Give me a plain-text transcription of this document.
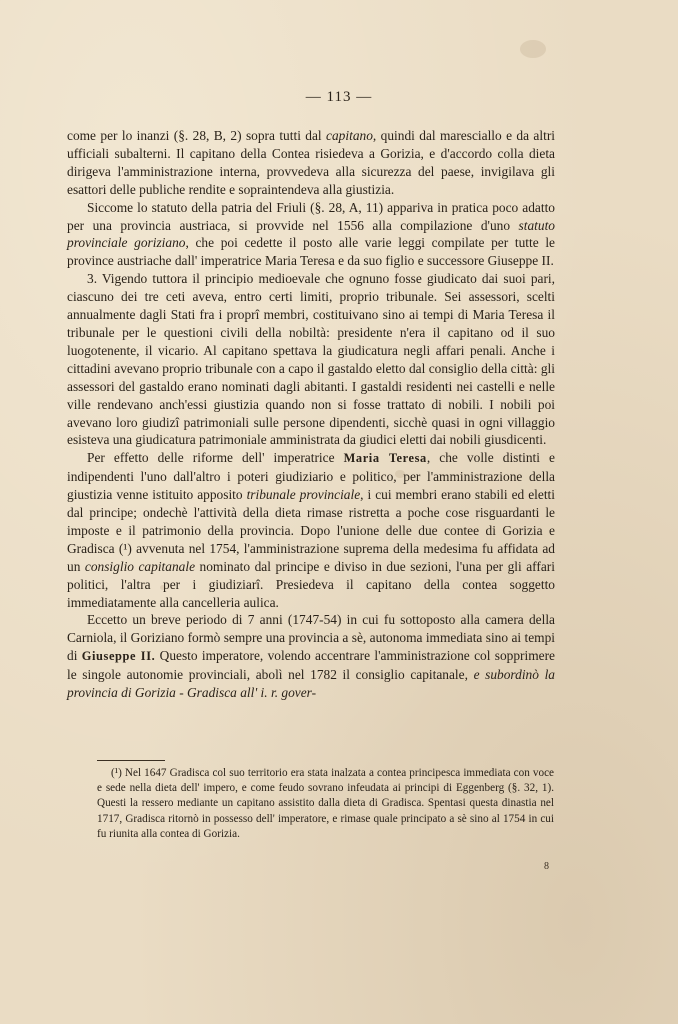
— 113 —

come per lo inanzi (§. 28, B, 2) sopra tutti dal capitano, quindi dal maresciallo e da altri ufficiali subalterni. Il capitano della Contea risiedeva a Gorizia, e d'accordo colla dieta dirigeva l'amministrazione interna, provvedeva alla sicurezza del paese, invigilava gli esattori delle publiche rendite e sopraintendeva alla giustizia.

Siccome lo statuto della patria del Friuli (§. 28, A, 11) appariva in pratica poco adatto per una provincia austriaca, si provvide nel 1556 alla compilazione d'uno statuto provinciale goriziano, che poi cedette il posto alle varie leggi compilate per tutte le province austriache dall' imperatrice Maria Teresa e da suo figlio e successore Giuseppe II.

3. Vigendo tuttora il principio medioevale che ognuno fosse giudicato dai suoi pari, ciascuno dei tre ceti aveva, entro certi limiti, proprio tribunale. Sei assessori, scelti annualmente dagli Stati fra i proprî membri, costituivano sino ai tempi di Maria Teresa il tribunale per le questioni civili della nobiltà: presidente n'era il capitano od il suo luogotenente, il vicario. Al capitano spettava la giudicatura negli affari penali. Anche i cittadini avevano proprio tribunale con a capo il gastaldo eletto dal consiglio della città: gli assessori del gastaldo erano nominati dagli abitanti. I gastaldi residenti nei castelli e nelle ville rendevano anch'essi giustizia quando non si fosse trattato di nobili. I nobili poi avevano loro giudizî patrimoniali sulle persone dipendenti, sicchè quasi in ogni villaggio esisteva una giudicatura patrimoniale amministrata da giudici eletti dai nobili giusdicenti.

Per effetto delle riforme dell' imperatrice Maria Teresa, che volle distinti e indipendenti l'uno dall'altro i poteri giudiziario e politico, per l'amministrazione della giustizia venne istituito apposito tribunale provinciale, i cui membri erano stabili ed eletti dal principe; ondechè l'attività della dieta rimase ristretta a poche cose risguardanti le imposte e il patrimonio della provincia. Dopo l'unione delle due contee di Gorizia e Gradisca (¹) avvenuta nel 1754, l'amministrazione suprema della medesima fu affidata ad un consiglio capitanale nominato dal principe e diviso in due sezioni, l'una per gli affari politici, l'altra per i giudiziarî. Presiedeva il capitano della contea soggetto immediatamente alla cancelleria aulica.

Eccetto un breve periodo di 7 anni (1747-54) in cui fu sottoposto alla camera della Carniola, il Goriziano formò sempre una provincia a sè, autonoma immediata sino ai tempi di Giuseppe II. Questo imperatore, volendo accentrare l'amministrazione col sopprimere le singole autonomie provinciali, abolì nel 1782 il consiglio capitanale, e subordinò la provincia di Gorizia - Gradisca all' i. r. gover-

(¹) Nel 1647 Gradisca col suo territorio era stata inalzata a contea principesca immediata con voce e sede nella dieta dell' impero, e come feudo sovrano infeudata ai principi di Eggenberg (§. 32, 1). Questi la ressero mediante un capitano assistito dalla dieta di Gradisca. Spentasi questa dinastia nel 1717, Gradisca ritornò in possesso dell' imperatore, e rimase quale principato a sè sino al 1754 in cui fu riunita alla contea di Gorizia.
8
